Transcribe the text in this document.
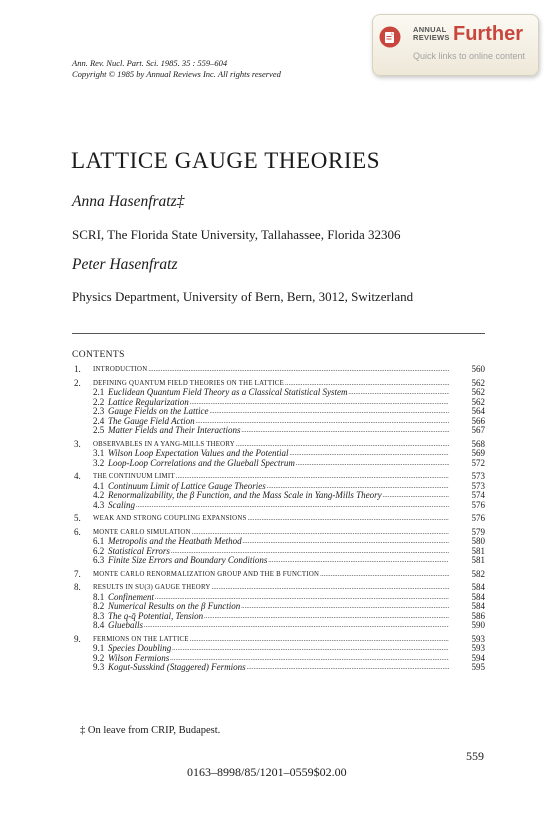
Ann. Rev. Nucl. Part. Sci. 1985. 35 : 559–604
Copyright © 1985 by Annual Reviews Inc. All rights reserved
ANNUAL
REVIEWS Further
Quick links to online content
LATTICE GAUGE THEORIES
Anna Hasenfratz‡
SCRI, The Florida State University, Tallahassee, Florida 32306
Peter Hasenfratz
Physics Department, University of Bern, Bern, 3012, Switzerland
CONTENTS
1. INTRODUCTION .....	560
2. DEFINING QUANTUM FIELD THEORIES ON THE LATTICE .....	562
2.1 Euclidean Quantum Field Theory as a Classical Statistical System .....	562
2.2 Lattice Regularization .....	562
2.3 Gauge Fields on the Lattice .....	564
2.4 The Gauge Field Action .....	566
2.5 Matter Fields and Their Interactions .....	567
3. OBSERVABLES IN A YANG-MILLS THEORY .....	568
3.1 Wilson Loop Expectation Values and the Potential .....	569
3.2 Loop-Loop Correlations and the Glueball Spectrum .....	572
4. THE CONTINUUM LIMIT .....	573
4.1 Continuum Limit of Lattice Gauge Theories .....	573
4.2 Renormalizability, the β Function, and the Mass Scale in Yang-Mills Theory .....	574
4.3 Scaling .....	576
5. WEAK AND STRONG COUPLING EXPANSIONS .....	576
6. MONTE CARLO SIMULATION .....	579
6.1 Metropolis and the Heatbath Method .....	580
6.2 Statistical Errors .....	581
6.3 Finite Size Errors and Boundary Conditions .....	581
7. MONTE CARLO RENORMALIZATION GROUP AND THE Β FUNCTION .....	582
8. RESULTS IN SU(3) GAUGE THEORY .....	584
8.1 Confinement .....	584
8.2 Numerical Results on the β Function .....	584
8.3 The q-q̄ Potential, Tension .....	586
8.4 Glueballs .....	590
9. FERMIONS ON THE LATTICE .....	593
9.1 Species Doubling .....	593
9.2 Wilson Fermions .....	594
9.3 Kogut-Susskind (Staggered) Fermions .....	595
‡ On leave from CRIP, Budapest.
559
0163–8998/85/1201–0559$02.00
